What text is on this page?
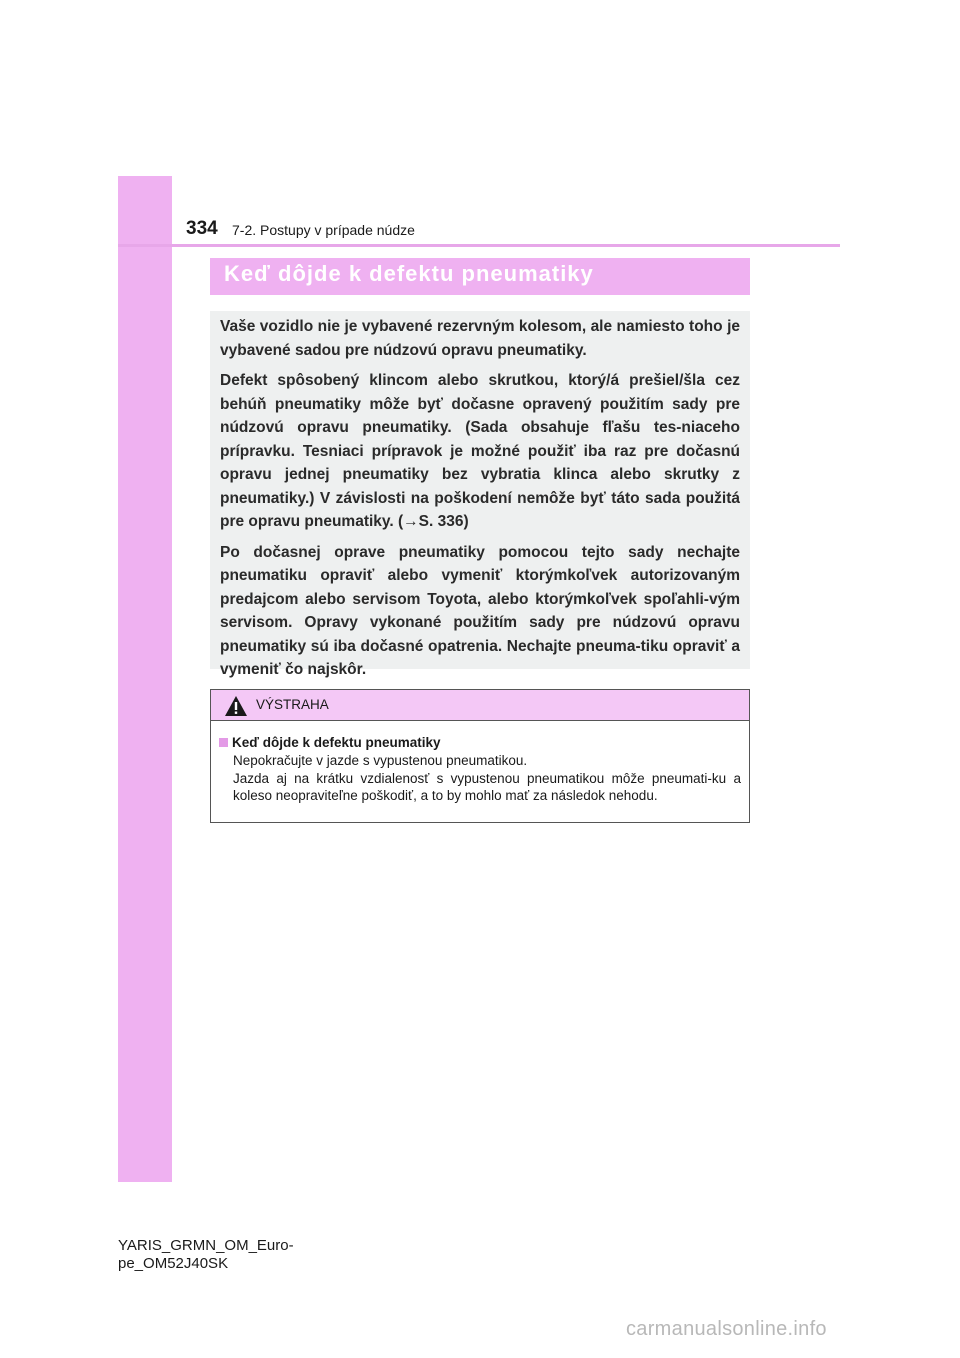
334 7-2. Postupy v prípade núdze
Keď dôjde k defektu pneumatiky

Vaše vozidlo nie je vybavené rezervným kolesom, ale namiesto toho je vybavené sadou pre núdzovú opravu pneumatiky.

Defekt spôsobený klincom alebo skrutkou, ktorý/á prešiel/šla cez behúň pneumatiky môže byť dočasne opravený použitím sady pre núdzovú opravu pneumatiky. (Sada obsahuje fľašu tes-niaceho prípravku. Tesniaci prípravok je možné použiť iba raz pre dočasnú opravu jednej pneumatiky bez vybratia klinca alebo skrutky z pneumatiky.) V závislosti na poškodení nemôže byť táto sada použitá pre opravu pneumatiky. (→S. 336)

Po dočasnej oprave pneumatiky pomocou tejto sady nechajte pneumatiku opraviť alebo vymeniť ktorýmkoľvek autorizovaným predajcom alebo servisom Toyota, alebo ktorýmkoľvek spoľahli-vým servisom. Opravy vykonané použitím sady pre núdzovú opravu pneumatiky sú iba dočasné opatrenia. Nechajte pneuma-tiku opraviť a vymeniť čo najskôr.

VÝSTRAHA
Keď dôjde k defektu pneumatiky

Nepokračujte v jazde s vypustenou pneumatikou.

Jazda aj na krátku vzdialenosť s vypustenou pneumatikou môže pneumati-ku a koleso neopraviteľne poškodiť, a to by mohlo mať za následok nehodu.

YARIS_GRMN_OM_Euro-
pe_OM52J40SK
carmanualsonline.info
